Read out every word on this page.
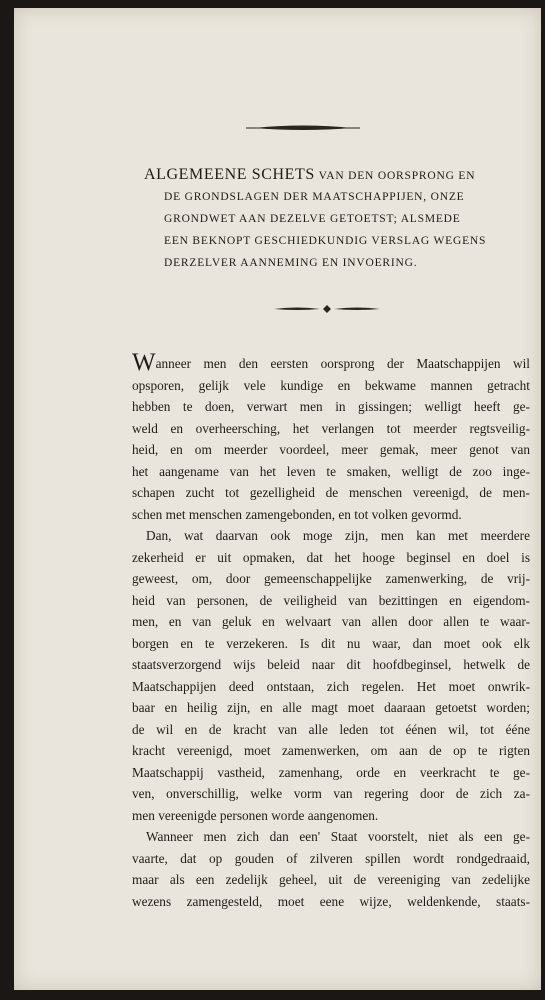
ALGEMEENE SCHETS VAN DEN OORSPRONG EN
DE GRONDSLAGEN DER MAATSCHAPPIJEN, ONZE
GRONDWET AAN DEZELVE GETOETST; ALSMEDE
EEN BEKNOPT GESCHIEDKUNDIG VERSLAG WEGENS
DERZELVER AANNEMING EN INVOERING.
Wanneer men den eersten oorsprong der Maatschappijen wil
opsporen, gelijk vele kundige en bekwame mannen getracht
hebben te doen, verwart men in gissingen; welligt heeft ge-
weld en overheersching, het verlangen tot meerder regtsveilig-
heid, en om meerder voordeel, meer gemak, meer genot van
het aangename van het leven te smaken, welligt de zoo inge-
schapen zucht tot gezelligheid de menschen vereenigd, de men-
schen met menschen zamengebonden, en tot volken gevormd.
Dan, wat daarvan ook moge zijn, men kan met meerdere
zekerheid er uit opmaken, dat het hooge beginsel en doel is
geweest, om, door gemeenschappelijke zamenwerking, de vrij-
heid van personen, de veiligheid van bezittingen en eigendom-
men, en van geluk en welvaart van allen door allen te waar-
borgen en te verzekeren. Is dit nu waar, dan moet ook elk
staatsverzorgend wijs beleid naar dit hoofdbeginsel, hetwelk de
Maatschappijen deed ontstaan, zich regelen. Het moet onwrik-
baar en heilig zijn, en alle magt moet daaraan getoetst worden;
de wil en de kracht van alle leden tot éénen wil, tot ééne
kracht vereenigd, moet zamenwerken, om aan de op te rigten
Maatschappij vastheid, zamenhang, orde en veerkracht te ge-
ven, onverschillig, welke vorm van regering door de zich za-
men vereenigde personen worde aangenomen.
Wanneer men zich dan een' Staat voorstelt, niet als een ge-
vaarte, dat op gouden of zilveren spillen wordt rondgedraaid,
maar als een zedelijk geheel, uit de vereeniging van zedelijke
wezens zamengesteld, moet eene wijze, weldenkende, staats-
